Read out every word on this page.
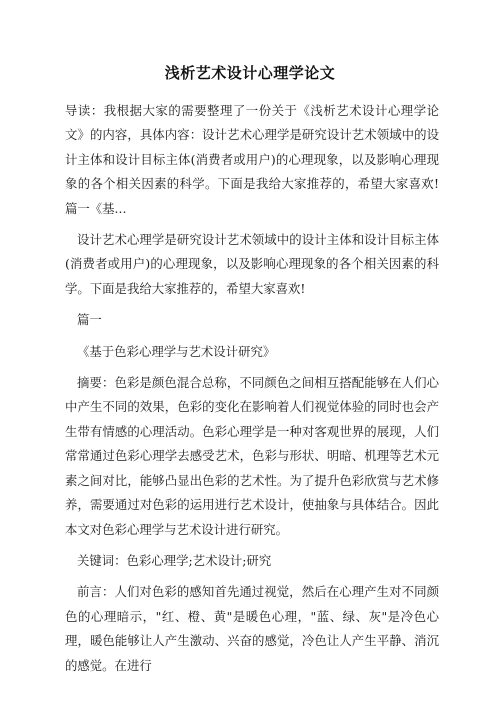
浅析艺术设计心理学论文

导读：我根据大家的需要整理了一份关于《浅析艺术设计心理学论文》的内容，具体内容：设计艺术心理学是研究设计艺术领域中的设计主体和设计目标主体(消费者或用户)的心理现象，以及影响心理现象的各个相关因素的科学。下面是我给大家推荐的，希望大家喜欢!篇一《基...

设计艺术心理学是研究设计艺术领域中的设计主体和设计目标主体(消费者或用户)的心理现象，以及影响心理现象的各个相关因素的科学。下面是我给大家推荐的，希望大家喜欢!

篇一

《基于色彩心理学与艺术设计研究》

摘要：色彩是颜色混合总称，不同颜色之间相互搭配能够在人们心中产生不同的效果，色彩的变化在影响着人们视觉体验的同时也会产生带有情感的心理活动。色彩心理学是一种对客观世界的展现，人们常常通过色彩心理学去感受艺术，色彩与形状、明暗、机理等艺术元素之间对比，能够凸显出色彩的艺术性。为了提升色彩欣赏与艺术修养，需要通过对色彩的运用进行艺术设计，使抽象与具体结合。因此本文对色彩心理学与艺术设计进行研究。

关键词：色彩心理学;艺术设计;研究

前言：人们对色彩的感知首先通过视觉，然后在心理产生对不同颜色的心理暗示，"红、橙、黄"是暖色心理，"蓝、绿、灰"是冷色心理，暖色能够让人产生激动、兴奋的感觉，冷色让人产生平静、消沉的感觉。在进行
